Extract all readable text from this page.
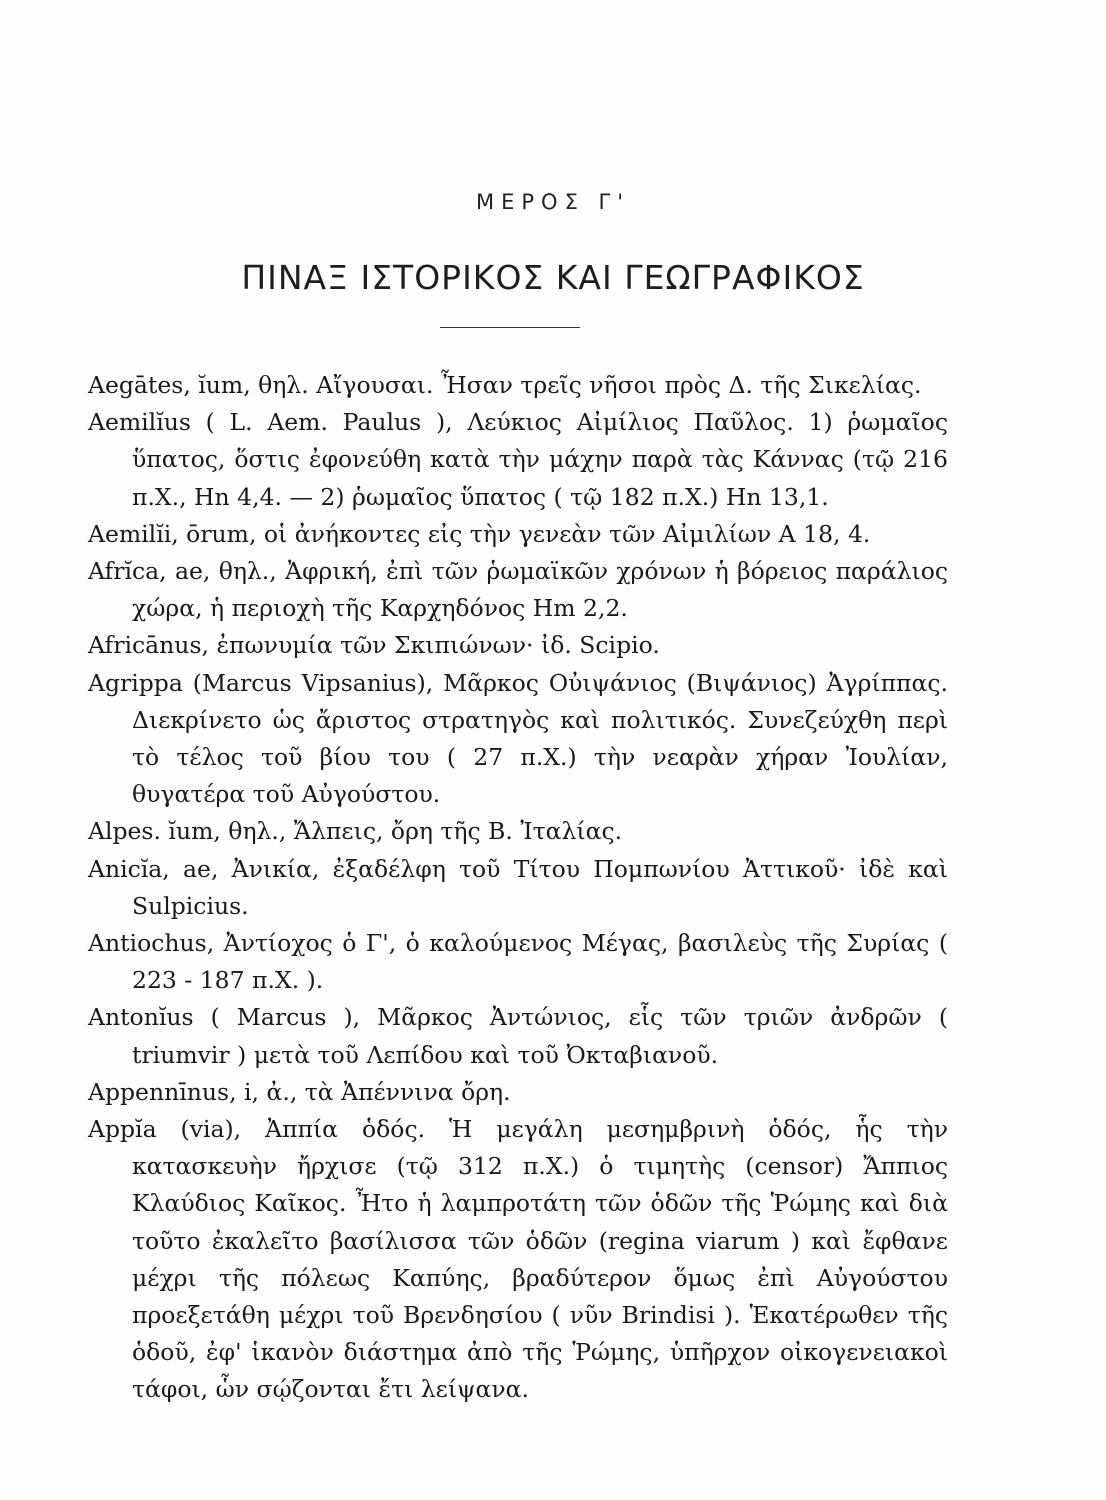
ΜΕΡΟΣ Γ'
ΠΙΝΑΞ ΙΣΤΟΡΙΚΟΣ ΚΑΙ ΓΕΩΓΡΑΦΙΚΟΣ

Aegātes, ĭum, θηλ. Αἴγουσαι. Ἦσαν τρεῖς νῆσοι πρὸς Δ. τῆς Σικελίας.

Aemilĭus ( L. Aem. Paulus ), Λεύκιος Αἰμίλιος Παῦλος. 1) ῥωμαῖος ὕπατος, ὅστις ἐφονεύθη κατὰ τὴν μάχην παρὰ τὰς Κάννας (τῷ 216 π.Χ., Hn 4,4. — 2) ῥωμαῖος ὕπατος ( τῷ 182 π.Χ.) Hn 13,1.

Aemilĭi, ōrum, οἱ ἀνήκοντες εἰς τὴν γενεὰν τῶν Αἰμιλίων A 18, 4.

Afrĭca, ae, θηλ., Ἀφρική, ἐπὶ τῶν ῥωμαϊκῶν χρόνων ἡ βόρειος παράλιος χώρα, ἡ περιοχὴ τῆς Καρχηδόνος Hm 2,2.

Africānus, ἐπωνυμία τῶν Σκιπιώνων· ἰδ. Scipio.

Agrippa (Marcus Vipsanius), Μᾶρκος Οὐιψάνιος (Βιψάνιος) Ἀγρίππας. Διεκρίνετο ὡς ἄριστος στρατηγὸς καὶ πολιτικός. Συνεζεύχθη περὶ τὸ τέλος τοῦ βίου του ( 27 π.Χ.) τὴν νεαρὰν χήραν Ἰουλίαν, θυγατέρα τοῦ Αὐγούστου.

Alpes. ĭum, θηλ., Ἄλπεις, ὄρη τῆς Β. Ἰταλίας.

Anicĭa, ae, Ἀνικία, ἐξαδέλφη τοῦ Τίτου Πομπωνίου Ἀττικοῦ· ἰδὲ καὶ Sulpicius.

Antiochus, Ἀντίοχος ὁ Γ', ὁ καλούμενος Μέγας, βασιλεὺς τῆς Συρίας ( 223 - 187 π.Χ. ).

Antonĭus ( Marcus ), Μᾶρκος Ἀντώνιος, εἷς τῶν τριῶν ἀνδρῶν ( triumvir ) μετὰ τοῦ Λεπίδου καὶ τοῦ Ὀκταβιανοῦ.

Appennīnus, i, ἀ., τὰ Ἀπέννινα ὄρη.

Appĭa (via), Ἀππία ὁδός. Ἡ μεγάλη μεσημβρινὴ ὁδός, ἧς τὴν κατασκευὴν ἤρχισε (τῷ 312 π.Χ.) ὁ τιμητὴς (censor) Ἄππιος Κλαύδιος Καῖκος. Ἦτο ἡ λαμπροτάτη τῶν ὁδῶν τῆς Ῥώμης καὶ διὰ τοῦτο ἐκαλεῖτο βασίλισσα τῶν ὁδῶν (regina viarum ) καὶ ἔφθανε μέχρι τῆς πόλεως Καπύης, βραδύτερον ὅμως ἐπὶ Αὐγούστου προεξετάθη μέχρι τοῦ Βρενδησίου ( νῦν Brindisi ). Ἑκατέρωθεν τῆς ὁδοῦ, ἐφ' ἱκανὸν διάστημα ἀπὸ τῆς Ῥώμης, ὑπῆρχον οἰκογενειακοὶ τάφοι, ὧν σῴζονται ἔτι λείψανα.
